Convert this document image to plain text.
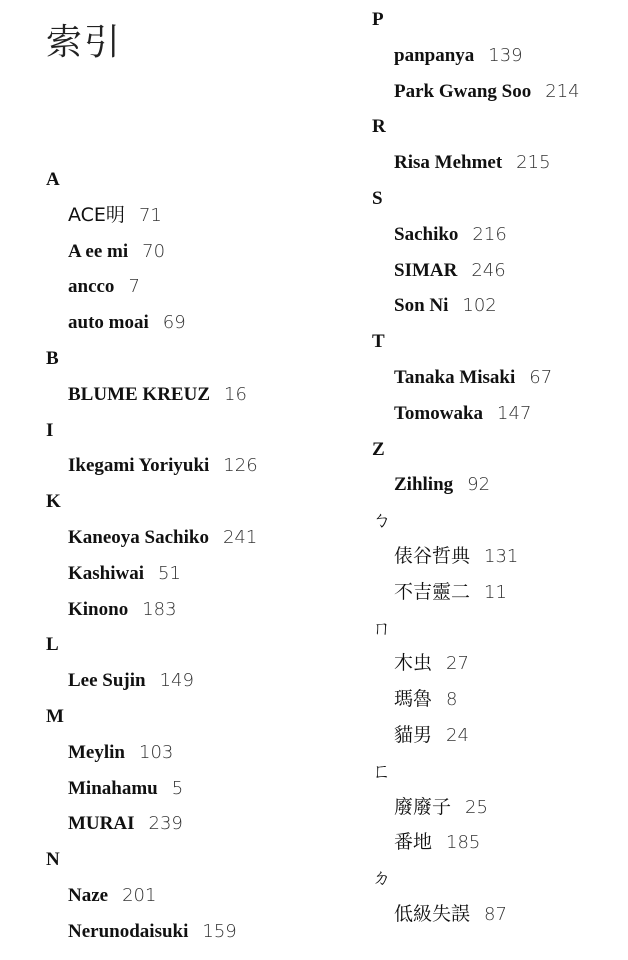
索引
A
ACE明 71
A ee mi 70
ancco 7
auto moai 69
B
BLUME KREUZ 16
I
Ikegami Yoriyuki 126
K
Kaneoya Sachiko 241
Kashiwai 51
Kinono 183
L
Lee Sujin 149
M
Meylin 103
Minahamu 5
MURAI 239
N
Naze 201
Nerunodaisuki 159
P
panpanya 139
Park Gwang Soo 214
R
Risa Mehmet 215
S
Sachiko 216
SIMAR 246
Son Ni 102
T
Tanaka Misaki 67
Tomowaka 147
Z
Zihling 92
ㄅ
俵谷哲典 131
不吉靈二 11
ㄇ
木虫 27
瑪魯 8
貓男 24
ㄈ
廢廢子 25
番地 185
ㄉ
低級失誤 87
